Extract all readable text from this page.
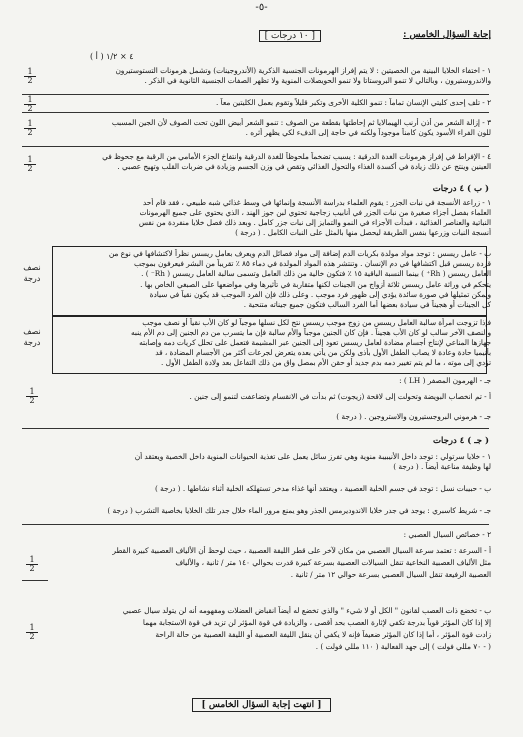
-٥-
إجابة السؤال الخامس :
[ ١٠ درجات ]
( أ ) ٤ × ١/٢
١ - اختفاء الخلايا البينية من الخصيتين : لا يتم إفراز الهرمونات الجنسية الذكرية (الأندروجينات) وتشمل هرمونات التستوستيرون
والاندروستيرون ، وبالتالي لا تنمو البروستاتا ولا تنمو الحويصلات المنوية ولا تظهر الصفات الجنسية الثانوية في الذكر .
1
2
٢ - تلف إحدى كليتي الإنسان تماماً : تنمو الكلية الأخرى وتكبر قليلاً وتقوم بعمل الكليتين معاً .
1
2
٣ - إزالة الشعر من أذن أرنب الهيمالايا ثم إحاطتها بقطعة من الصوف : تنمو الشعر أبيض اللون تحت الصوف لأن الجين المسبب
للون الفراء الأسود يكون كامناً موجوداً ولكنه في حاجة إلى الدفء لكي يظهر أثره .
1
2
٤ - الإفراط في إفراز هرمونات الغدة الدرقية : يسبب تضخماً ملحوظاً للغدة الدرقية وانتفاخ الجزء الأمامي من الرقبة مع جحوظ في
العينين وينتج عن ذلك زيادة في أكسدة الغذاء والتحول الغذائي وتقص في وزن الجسم وزيادة في ضربات القلب وتهيج عصبي .
1
2
( ب ) ٤ درجات
١ - زراعة الأنسجة في نبات الجزر : يقوم العلماء بدراسة الأنسجة وإنمائها في وسط غذائي شبه طبيعي ، فقد قام أحد
العلماء بفصل أجزاء صغيرة من نبات الجزر في أنابيب زجاجية تحتوي لبن جوز الهند ، الذي يحتوي على جميع الهرمونات
النباتية والعناصر الغذائية ، فبدأت الأجزاء في النمو والتمايز إلى نبات جزر كامل . وبعد ذلك فصل خلايا منفردة من نفس
أنسجة النبات وزرعها بنفس الطريقة ليحصل منها بالمثل على النبات الكامل . ( درجة )
ب - عامل ريسس : توجد مواد مولدة بكريات الدم إضافة إلى مواد فصائل الدم ويعرف بعامل ريسس نظراً لاكتشافها في نوع من
قردة ريسس قبل اكتشافها في دم الإنسان . وتنتشر هذه المواد المولدة في دماء ٨٥ ٪ تقريباً من البشر فيعرفون بموجب
العامل ريسس ( Rh⁺ ) بينما النسبة الباقية ١٥ ٪ فتكون خالية من ذلك العامل وتسمى سالبة العامل ريسس ( Rh⁻ ) .
يتحكم في وراثة عامل ريسس ثلاثة أزواج من الجينات لكنها متقاربة في تأثيرها وفي مواضعها على الصبغي الخاص بها .
ويمكن تمثيلها في صورة سائدة يؤدي إلى ظهور فرد موجب . وعلى ذلك فإن الفرد الموجب قد يكون نقياً في سيادة
كل الجينات أو هجيناً في سيادة بعضها أما الفرد السالب فتكون جميع جيناته متنحية .
نصف درجة
فإذا تزوجت امرأة سالبة العامل ريسس من زوج موجب ريسس نتج لكل نسلها موجباً لو كان الأب نقياً أو نصف موجب
والنصف الآخر سالب لو كان الأب هجيناً . فإن كان الجنين موجباً والأم سالبة فإن ما يتسرب من دم الجنين إلى دم الأم ينبه
جهازها المناعي لإنتاج أجسام مضادة لعامل ريسس تعود إلى الجنين عبر المشيمة فتعمل على تحلل كريات دمه وإصابته
بأنيميا حادة وعادة لا يصاب الطفل الأول بأذى ولكن من يأتي بعده يتعرض لجرعات أكثر من الأجسام المضادة ، قد
تؤدي إلى موته ، ما لم يتم تغيير دمه بدم جديد أو حقن الأم بمصل واق من ذلك التفاعل بعد ولادة الطفل الأول .
نصف درجة
جـ - الهرمون المصفر ( LH ) :
أ - تم انخصاب البويضة وتحولت إلى لاقحة (زيجوت) ثم بدأت في الانقسام وتضاعفت لتنمو إلى جنين .
1
2
جـ - هرموني البروجستيرون والاستروجين . ( درجة )
( جـ ) ٤ درجات
١ - خلايا سرتولي : توجد داخل الأنيبيبة منوية وهي تفرز سائل يعمل على تغذية الحيوانات المنوية داخل الخصية ويعتقد أن
لها وظيفة مناعية أيضاً . ( درجة )
ب - حبيبات نسل : توجد في جسم الخلية العصبية ، ويعتقد أنها غذاء مدخر تستهلكه الخلية أثناء نشاطها . ( درجة )
جـ - شريط كاسبري : يوجد في جدر خلايا الاندوديرمس الجذر وهو يمنع مرور الماء خلال جدر تلك الخلايا بخاصية التشرب ( درجة )
٢ - خصائص السيال العصبي :
أ - السرعة : تعتمد سرعة السيال العصبي من مكان لآخر على قطر الليفة العصبية ، حيث لوحظ أن الألياف العصبية كبيرة القطر
مثل الألياف العصبية النخاعية تنقل السيالات العصبية بسرعة كبيرة قدرت بحوالي ١٤٠ متر / ثانية ، والألياف
العصبية الرفيعة تنقل السيال العصبي بسرعة حوالي ١٢ متر / ثانية .
1
2
ب - تخضع ذات العصب لقانون " الكل أو لا شيء " والذي تخضع له أيضاً انقباض العضلات ومفهومه أنه لن يتولد سيال عصبي
إلا إذا كان المؤثر قوياً بدرجة تكفي لإثارة العصب بحد أقصى ، والزيادة في قوة المؤثر لن تزيد في قوة الاستجابة مهما
زادت قوة المؤثر ، أما إذا كان المؤثر ضعيفاً فإنه لا يكفي أن ينقل الليفة العصبية أو الليفة العصبية من حالة الراحة
( - ٧٠ مللي فولت ) إلى جهد الفعالية ( ١١٠ مللي فولت ) .
1
2
[ انتهت إجابة السؤال الخامس ]
